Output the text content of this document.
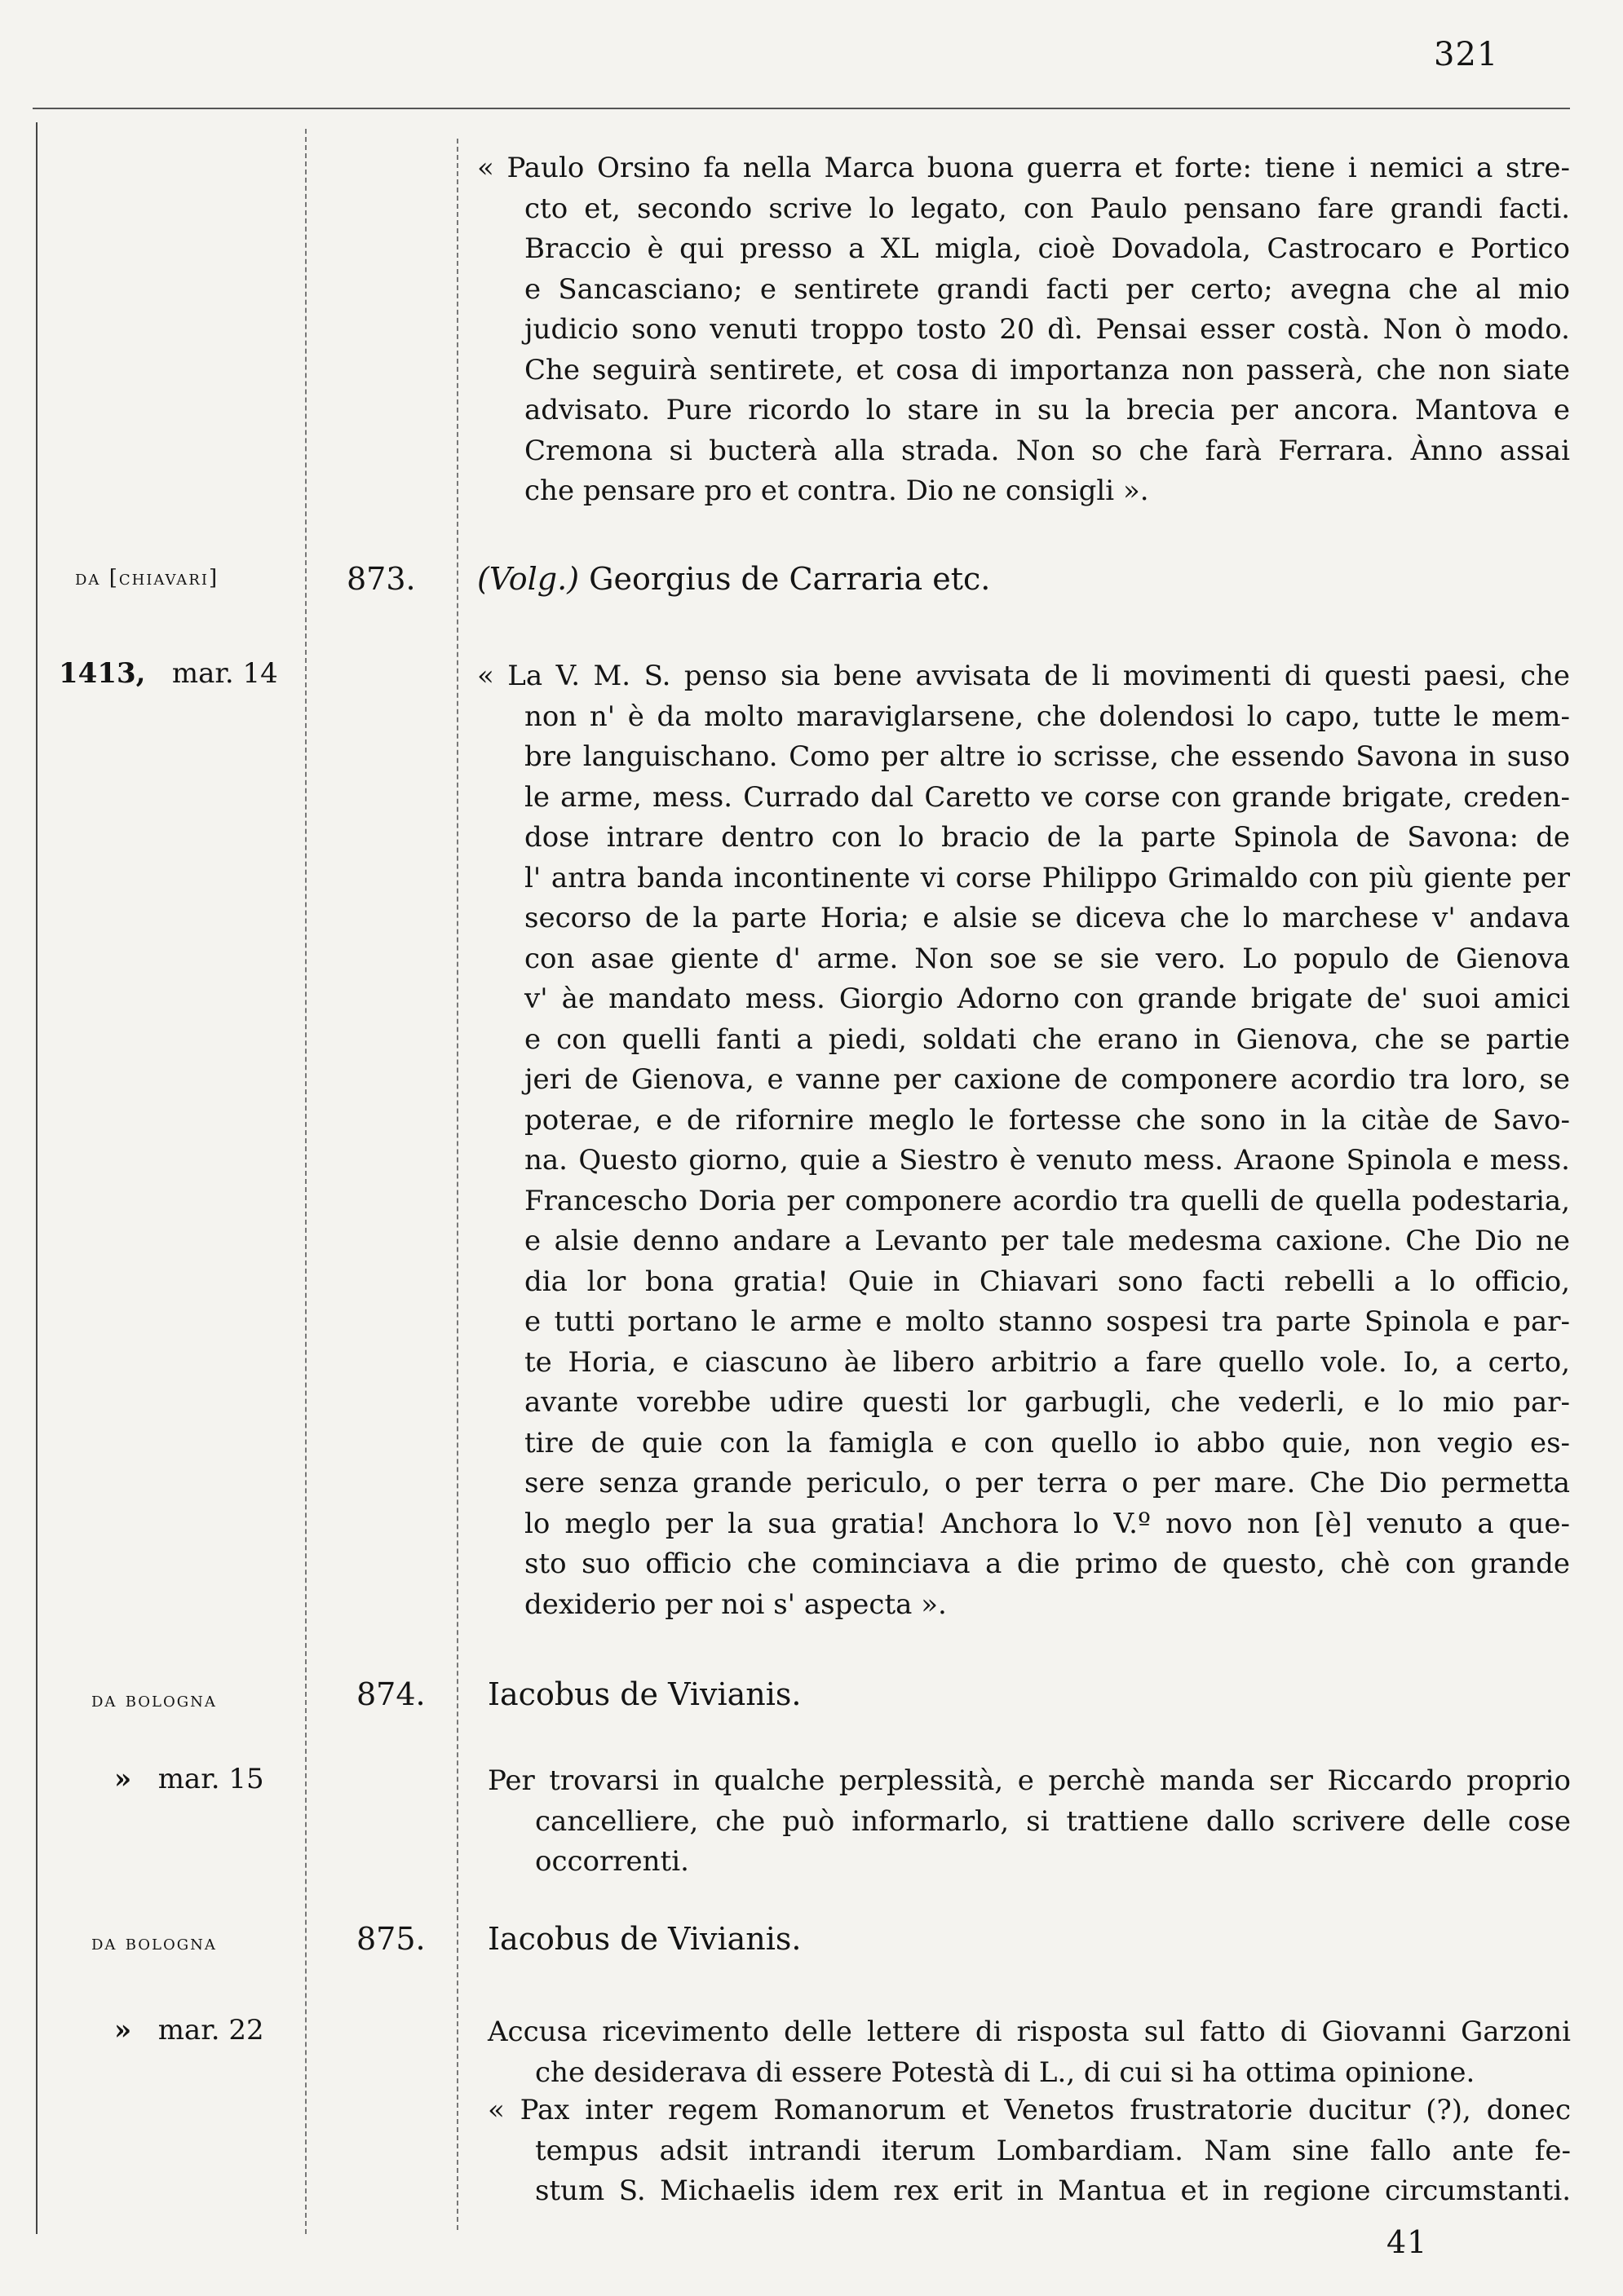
321
« Paulo Orsino fa nella Marca buona guerra et forte: tiene i nemici a stre-
cto et, secondo scrive lo legato, con Paulo pensano fare grandi facti.
Braccio è qui presso a XL migla, cioè Dovadola, Castrocaro e Portico
e Sancasciano; e sentirete grandi facti per certo; avegna che al mio
judicio sono venuti troppo tosto 20 dì. Pensai esser costà. Non ò modo.
Che seguirà sentirete, et cosa di importanza non passerà, che non siate
advisato. Pure ricordo lo stare in su la brecia per ancora. Mantova e
Cremona si bucterà alla strada. Non so che farà Ferrara. Ànno assai
che pensare pro et contra. Dio ne consigli ».
da [chiavari]	873. (Volg.) Georgius de Carraria etc.
1413, mar. 14	« La V. M. S. penso sia bene avvisata de li movimenti di questi paesi, che
non n' è da molto maraviglarsene, che dolendosi lo capo, tutte le mem-
bre languischano. Como per altre io scrisse, che essendo Savona in suso
le arme, mess. Currado dal Caretto ve corse con grande brigate, creden-
dose intrare dentro con lo bracio de la parte Spinola de Savona: de
l' antra banda incontinente vi corse Philippo Grimaldo con più giente per
secorso de la parte Horia; e alsie se diceva che lo marchese v' andava
con asae giente d' arme. Non soe se sie vero. Lo populo de Gienova
v' àe mandato mess. Giorgio Adorno con grande brigate de' suoi amici
e con quelli fanti a piedi, soldati che erano in Gienova, che se partie
jeri de Gienova, e vanne per caxione de componere acordio tra loro, se
poterae, e de rifornire meglo le fortesse che sono in la citàe de Savo-
na. Questo giorno, quie a Siestro è venuto mess. Araone Spinola e mess.
Francescho Doria per componere acordio tra quelli de quella podestaria,
e alsie denno andare a Levanto per tale medesma caxione. Che Dio ne
dia lor bona gratia! Quie in Chiavari sono facti rebelli a lo officio,
e tutti portano le arme e molto stanno sospesi tra parte Spinola e par-
te Horia, e ciascuno àe libero arbitrio a fare quello vole. Io, a certo,
avante vorebbe udire questi lor garbugli, che vederli, e lo mio par-
tire de quie con la famigla e con quello io abbo quie, non vegio es-
sere senza grande periculo, o per terra o per mare. Che Dio permetta
lo meglo per la sua gratia! Anchora lo V.º novo non [è] venuto a que-
sto suo officio che cominciava a die primo de questo, chè con grande
dexiderio per noi s' aspecta ».
da bologna	874. Iacobus de Vivianis.
» mar. 15	Per trovarsi in qualche perplessità, e perchè manda ser Riccardo proprio
cancelliere, che può informarlo, si trattiene dallo scrivere delle cose
occorrenti.
da bologna	875. Iacobus de Vivianis.
» mar. 22	Accusa ricevimento delle lettere di risposta sul fatto di Giovanni Garzoni
che desiderava di essere Potestà di L., di cui si ha ottima opinione.
« Pax inter regem Romanorum et Venetos frustratorie ducitur (?), donec
tempus adsit intrandi iterum Lombardiam. Nam sine fallo ante fe-
stum S. Michaelis idem rex erit in Mantua et in regione circumstanti.
41
